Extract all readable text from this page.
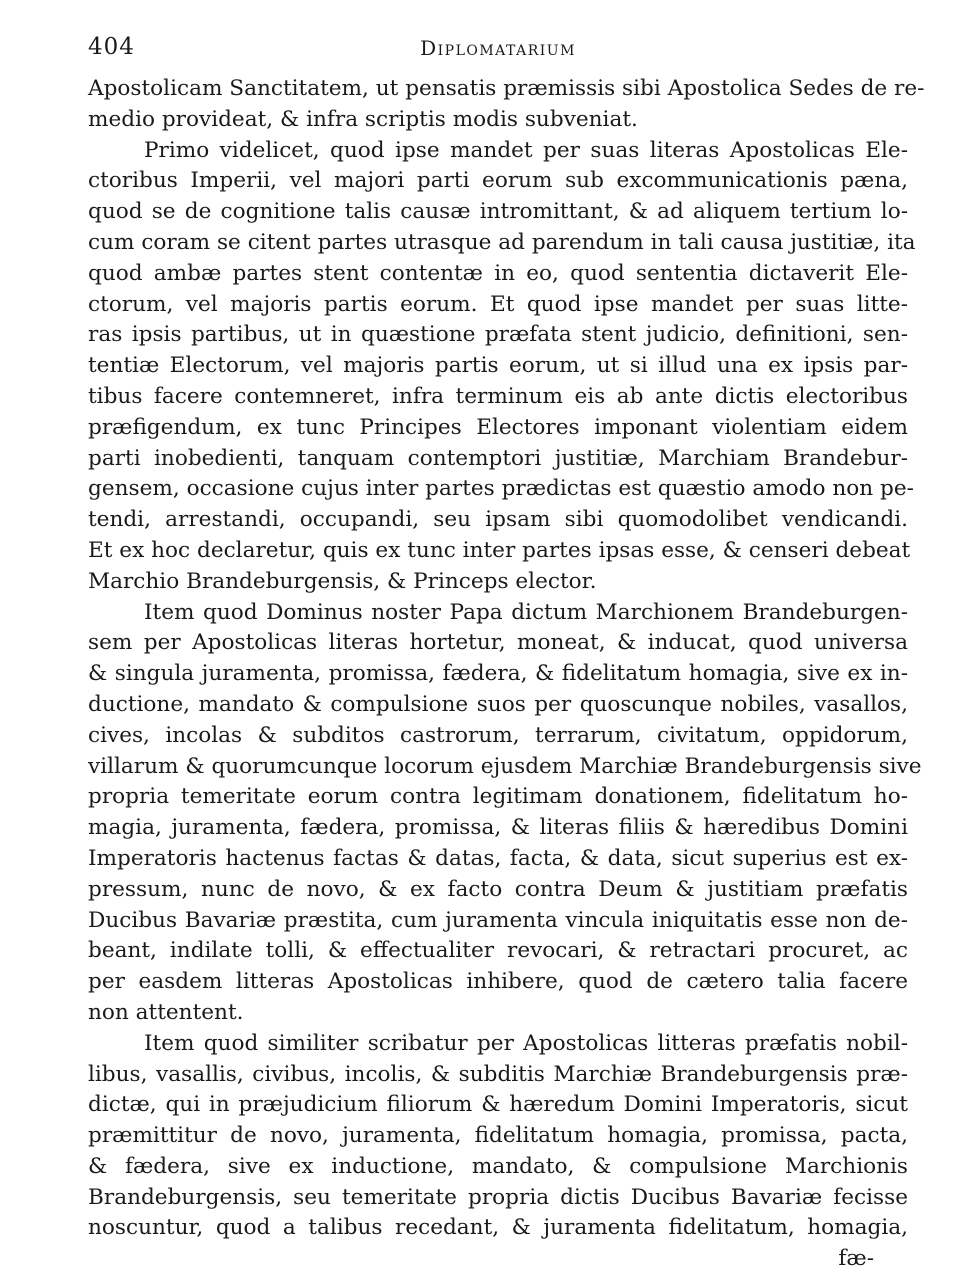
404	Diplomatarium
Apostolicam Sanctitatem, ut pensatis præmissis sibi Apostolica Sedes de re-
medio provideat, & infra scriptis modis subveniat.
Primo videlicet, quod ipse mandet per suas literas Apostolicas Ele-
ctoribus Imperii, vel majori parti eorum sub excommunicationis pæna,
quod se de cognitione talis causæ intromittant, & ad aliquem tertium lo-
cum coram se citent partes utrasque ad parendum in tali causa justitiæ, ita
quod ambæ partes stent contentæ in eo, quod sententia dictaverit Ele-
ctorum, vel majoris partis eorum. Et quod ipse mandet per suas litte-
ras ipsis partibus, ut in quæstione præfata stent judicio, definitioni, sen-
tentiæ Electorum, vel majoris partis eorum, ut si illud una ex ipsis par-
tibus facere contemneret, infra terminum eis ab ante dictis electoribus
præfigendum, ex tunc Principes Electores imponant violentiam eidem
parti inobedienti, tanquam contemptori justitiæ, Marchiam Brandebur-
gensem, occasione cujus inter partes prædictas est quæstio amodo non pe-
tendi, arrestandi, occupandi, seu ipsam sibi quomodolibet vendicandi.
Et ex hoc declaretur, quis ex tunc inter partes ipsas esse, & censeri debeat
Marchio Brandeburgensis, & Princeps elector.
Item quod Dominus noster Papa dictum Marchionem Brandeburgen-
sem per Apostolicas literas hortetur, moneat, & inducat, quod universa
& singula juramenta, promissa, fædera, & fidelitatum homagia, sive ex in-
ductione, mandato & compulsione suos per quoscunque nobiles, vasallos,
cives, incolas & subditos castrorum, terrarum, civitatum, oppidorum,
villarum & quorumcunque locorum ejusdem Marchiæ Brandeburgensis sive
propria temeritate eorum contra legitimam donationem, fidelitatum ho-
magia, juramenta, fædera, promissa, & literas filiis & hæredibus Domini
Imperatoris hactenus factas & datas, facta, & data, sicut superius est ex-
pressum, nunc de novo, & ex facto contra Deum & justitiam præfatis
Ducibus Bavariæ præstita, cum juramenta vincula iniquitatis esse non de-
beant, indilate tolli, & effectualiter revocari, & retractari procuret, ac
per easdem litteras Apostolicas inhibere, quod de cætero talia facere
non attentent.
Item quod similiter scribatur per Apostolicas litteras præfatis nobil-
libus, vasallis, civibus, incolis, & subditis Marchiæ Brandeburgensis præ-
dictæ, qui in præjudicium filiorum & hæredum Domini Imperatoris, sicut
præmittitur de novo, juramenta, fidelitatum homagia, promissa, pacta,
& fædera, sive ex inductione, mandato, & compulsione Marchionis
Brandeburgensis, seu temeritate propria dictis Ducibus Bavariæ fecisse
noscuntur, quod a talibus recedant, & juramenta fidelitatum, homagia,
fæ-
